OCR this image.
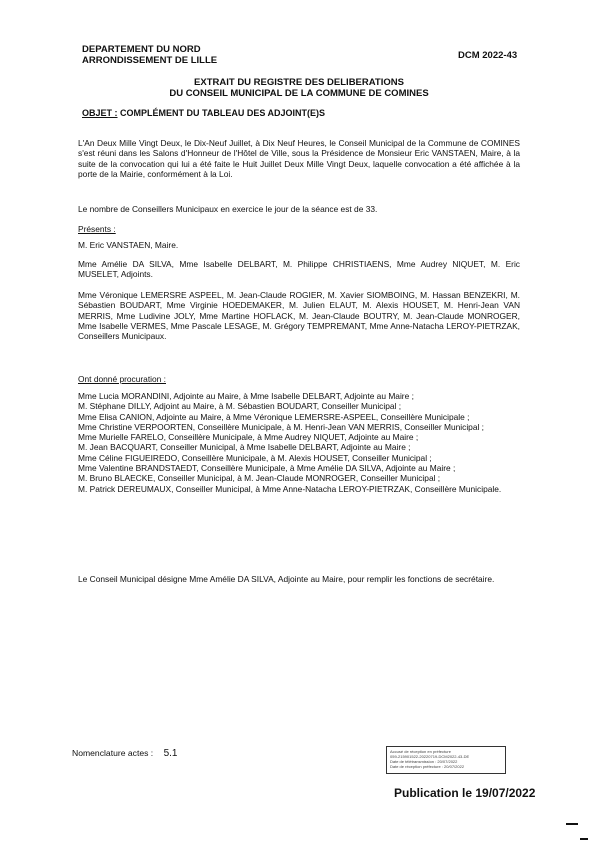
DEPARTEMENT DU NORD
ARRONDISSEMENT DE LILLE	DCM 2022-43
EXTRAIT DU REGISTRE DES DELIBERATIONS
DU CONSEIL MUNICIPAL DE LA COMMUNE DE COMINES
OBJET : COMPLÉMENT DU TABLEAU DES ADJOINT(E)S
L'An Deux Mille Vingt Deux, le Dix-Neuf Juillet, à Dix Neuf Heures, le Conseil Municipal de la Commune de COMINES s'est réuni dans les Salons d'Honneur de l'Hôtel de Ville, sous la Présidence de Monsieur Eric VANSTAEN, Maire, à la suite de la convocation qui lui a été faite le Huit Juillet Deux Mille Vingt Deux, laquelle convocation a été affichée à la porte de la Mairie, conformément à la Loi.
Le nombre de Conseillers Municipaux en exercice le jour de la séance est de 33.
Présents :
M. Eric VANSTAEN, Maire.
Mme Amélie DA SILVA, Mme Isabelle DELBART, M. Philippe CHRISTIAENS, Mme Audrey NIQUET, M. Eric MUSELET, Adjoints.
Mme Véronique LEMERSRE ASPEEL, M. Jean-Claude ROGIER, M. Xavier SIOMBOING, M. Hassan BENZEKRI, M. Sébastien BOUDART, Mme Virginie HOEDEMAKER, M. Julien ELAUT, M. Alexis HOUSET, M. Henri-Jean VAN MERRIS, Mme Ludivine JOLY, Mme Martine HOFLACK, M. Jean-Claude BOUTRY, M. Jean-Claude MONROGER, Mme Isabelle VERMES, Mme Pascale LESAGE, M. Grégory TEMPREMANT, Mme Anne-Natacha LEROY-PIETRZAK, Conseillers Municipaux.
Ont donné procuration :
Mme Lucia MORANDINI, Adjointe au Maire, à Mme Isabelle DELBART, Adjointe au Maire ;
M. Stéphane DILLY, Adjoint au Maire, à M. Sébastien BOUDART, Conseiller Municipal ;
Mme Elisa CANION, Adjointe au Maire, à Mme Véronique LEMERSRE-ASPEEL, Conseillère Municipale ;
Mme Christine VERPOORTEN, Conseillère Municipale, à M. Henri-Jean VAN MERRIS, Conseiller Municipal ;
Mme Murielle FARELO, Conseillère Municipale, à Mme Audrey NIQUET, Adjointe au Maire ;
M. Jean BACQUART, Conseiller Municipal, à Mme Isabelle DELBART, Adjointe au Maire ;
Mme Céline FIGUEIREDO, Conseillère Municipale, à M. Alexis HOUSET, Conseiller Municipal ;
Mme Valentine BRANDSTAEDT, Conseillère Municipale, à Mme Amélie DA SILVA, Adjointe au Maire ;
M. Bruno BLAECKE, Conseiller Municipal, à M. Jean-Claude MONROGER, Conseiller Municipal ;
M. Patrick DEREUMAUX, Conseiller Municipal, à Mme Anne-Natacha LEROY-PIETRZAK, Conseillère Municipale.
Le Conseil Municipal désigne Mme Amélie DA SILVA, Adjointe au Maire, pour remplir les fonctions de secrétaire.
Nomenclature actes : 5.1	Accusé de réception en préfecture
059-215901522-20220719-DCM2022-43-DE
Date de télétransmission : 20/07/2022
Date de réception préfecture : 20/07/2022
Publication le 19/07/2022
